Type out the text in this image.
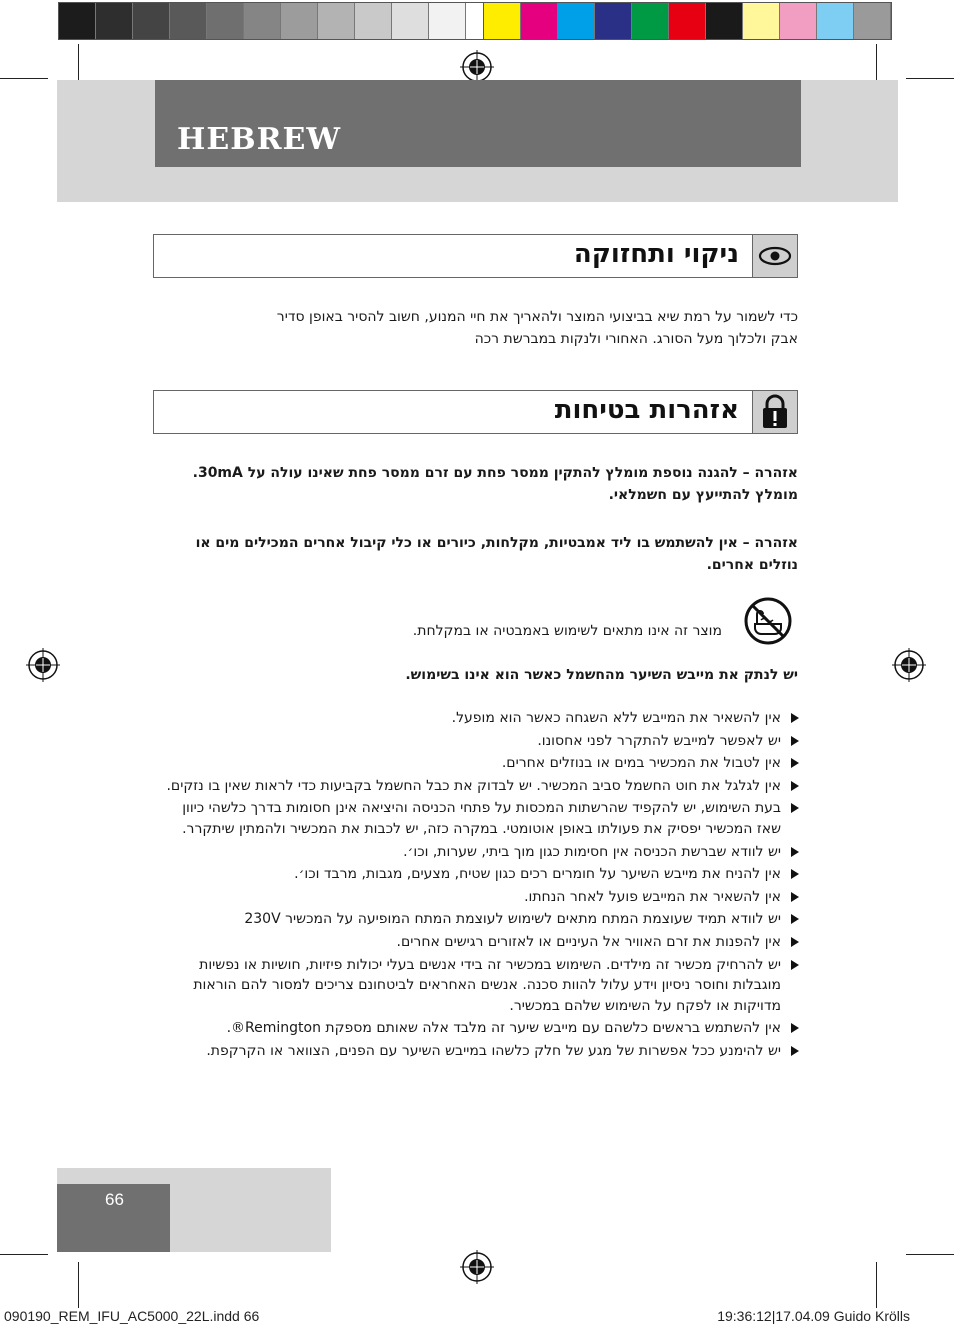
HEBREW
ניקוי ותחזוקה
כדי לשמור על רמת שיא בביצועי המוצר ולהאריך את חיי המנוע, חשוב להסיר באופן סדיר
אבק ולכלוך מעל הסורג. האחורי ולנקות במברשת רכה
אזהרות בטיחות
אזהרה – להגנה נוספת מומלץ להתקין ממסר פחת עם זרם ממסר פחת שאינו עולה על 30mA.
מומלץ להתייעץ עם חשמלאי.
אזהרה – אין להשתמש בו ליד אמבטיות, מקלחות, כיורים או כלי קיבול אחרים המכילים מים או
נוזלים אחרים.
מוצר זה אינו מתאים לשימוש באמבטיה או במקלחת.
יש לנתק את מייבש השיער מהחשמל כאשר הוא אינו בשימוש.
אין להשאיר את המייבש ללא השגחה כאשר הוא מופעל.
יש לאפשר למייבש להתקרר לפני אחסונו.
אין לטבול את המכשיר במים או בנוזלים אחרים.
אין לגלגל את חוט החשמל סביב המכשיר. יש לבדוק את כבל החשמל בקביעות כדי לראות שאין בו נזקים.
בעת השימוש, יש להקפיד שהרשתות המכסות על פתחי הכניסה והיציאה אינן חסומות בדרך כלשהי כיוון שאז המכשיר יפסיק את פעולתו באופן אוטומטי. במקרה כזה, יש לכבות את המכשיר ולהמתין שיתקרר.
יש לוודא שברשת הכניסה אין חסימות כגון מוך ביתי, שערות, וכו׳.
אין להניח את מייבש השיער על חומרים רכים כגון שטיח, מצעים, מגבות, מרבד וכו׳.
אין להשאיר את המייבש פועל לאחר הנחתו.
יש לוודא תמיד שעוצמת המתח מתאים לשימוש לעוצמת המתח המופיעה על המכשיר 230V
אין להפנות את זרם האוויר אל העיניים או לאזורים רגישים אחרים.
יש להרחיק מכשיר זה מילדים. השימוש במכשיר זה בידי אנשים בעלי יכולות פיזיות, חושיות או נפשיות מוגבלות וחוסר ניסיון וידע עלול להוות סכנה. אנשים האחראים לביטחונם צריכים למסור להם הוראות מדויקות או לפקח על השימוש שלהם במכשיר.
אין להשתמש בראשים כלשהם עם מייבש שיער זה מלבד אלה שאותם מספקת Remington®.
יש להימנע ככל אפשרות של מגע של חלק כלשהו במייבש השיער עם הפנים, הצוואר או הקרקפת.
66
090190_REM_IFU_AC5000_22L.indd 66	19:36:12|17.04.09 Guido Krölls
